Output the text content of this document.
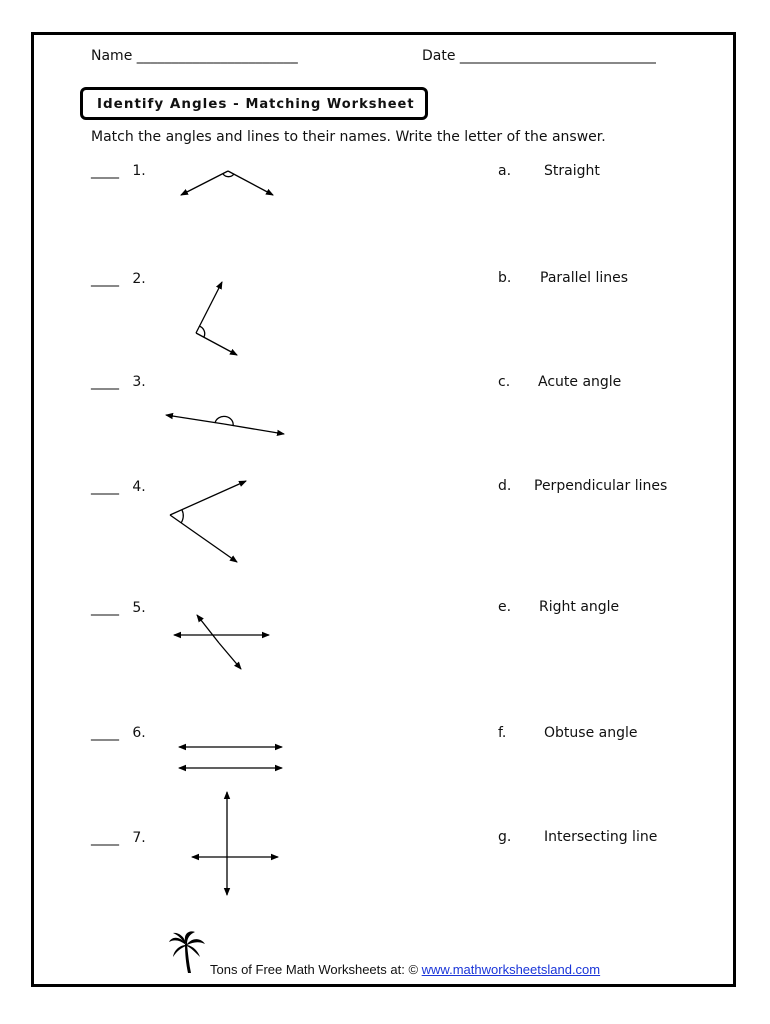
Name _______________________	Date ____________________________
Identify Angles - Matching Worksheet
Match the angles and lines to their names. Write the letter of the answer.
____ 1.
____ 2.
____ 3.
____ 4.
____ 5.
____ 6.
____ 7.
a. Straight
b. Parallel lines
c. Acute angle
d. Perpendicular lines
e. Right angle
f.	Obtuse angle
g. Intersecting line
Tons of Free Math Worksheets at: © www.mathworksheetsland.com
